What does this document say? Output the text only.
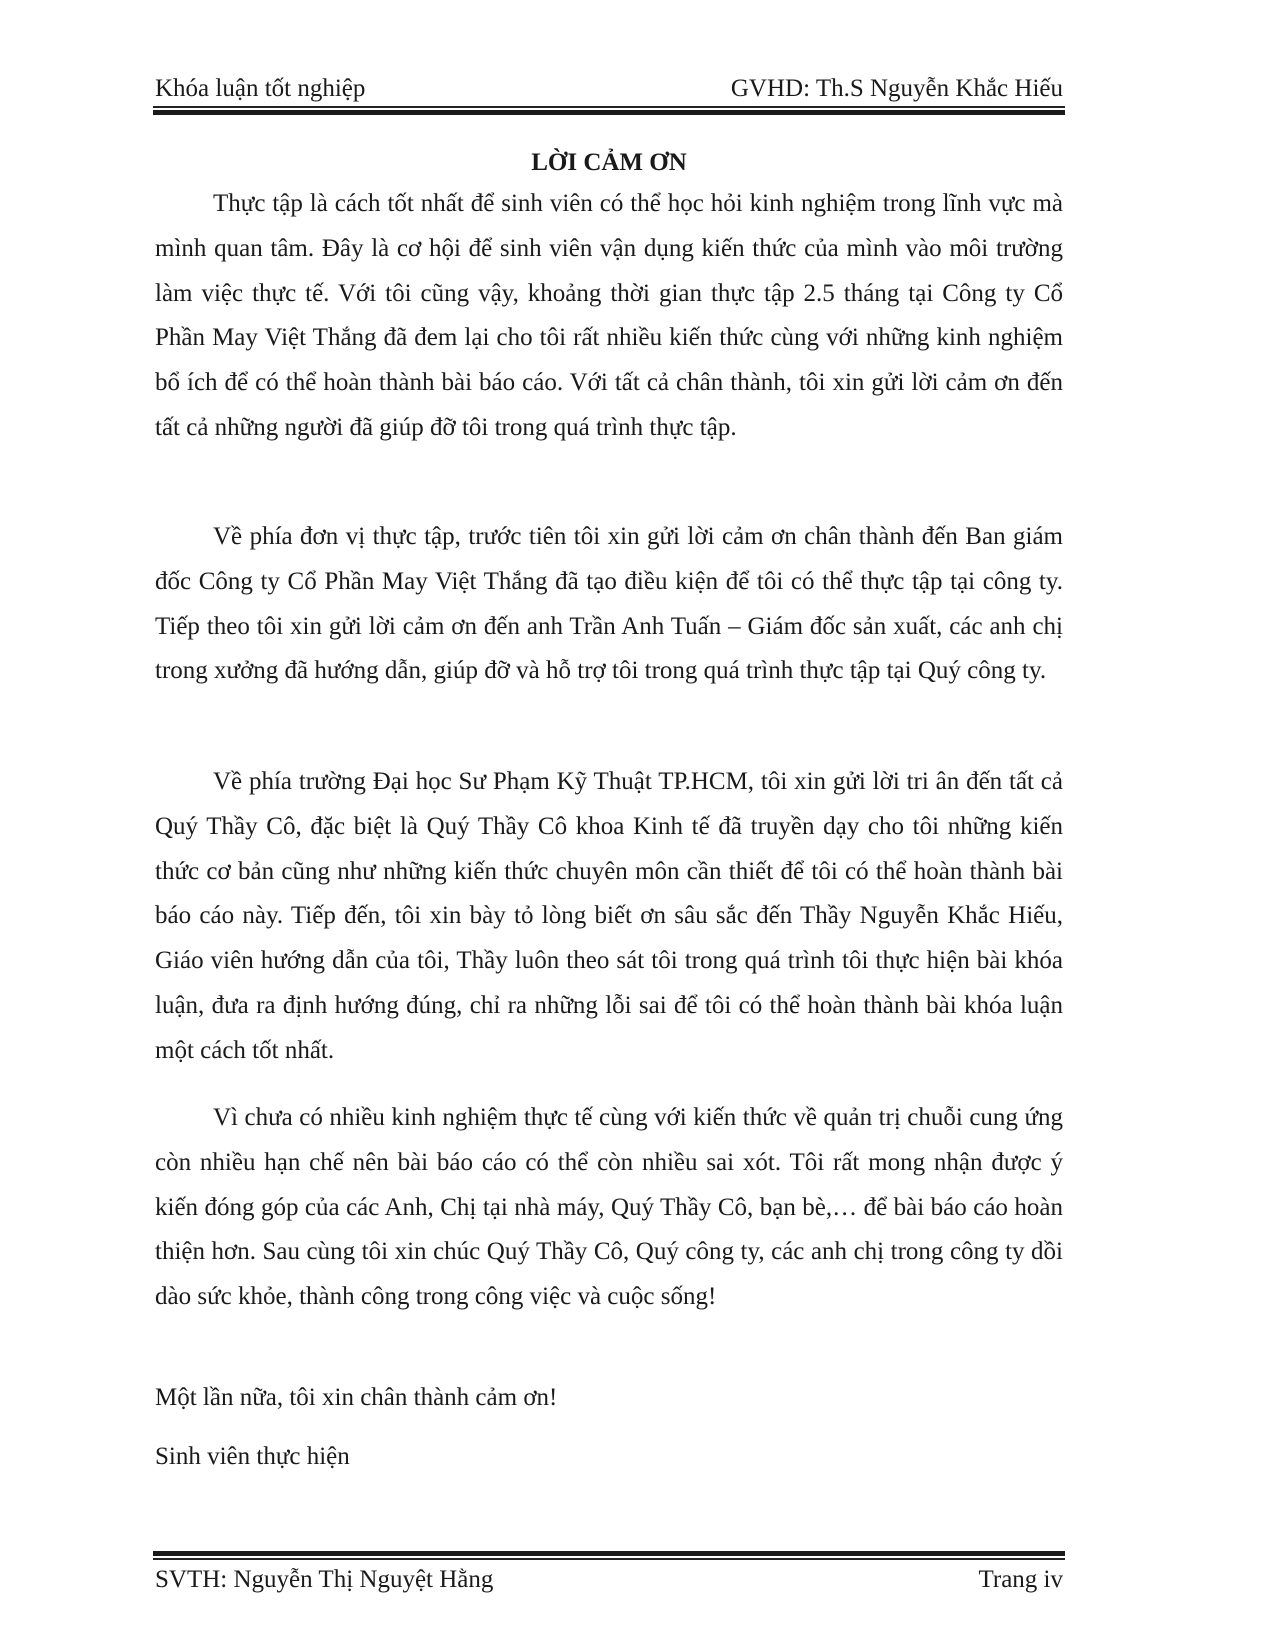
Khóa luận tốt nghiệp	GVHD: Th.S Nguyễn Khắc Hiếu
LỜI CẢM ƠN

Thực tập là cách tốt nhất để sinh viên có thể học hỏi kinh nghiệm trong lĩnh vực mà mình quan tâm. Đây là cơ hội để sinh viên vận dụng kiến thức của mình vào môi trường làm việc thực tế. Với tôi cũng vậy, khoảng thời gian thực tập 2.5 tháng tại Công ty Cổ Phần May Việt Thắng đã đem lại cho tôi rất nhiều kiến thức cùng với những kinh nghiệm bổ ích để có thể hoàn thành bài báo cáo. Với tất cả chân thành, tôi xin gửi lời cảm ơn đến tất cả những người đã giúp đỡ tôi trong quá trình thực tập.

Về phía đơn vị thực tập, trước tiên tôi xin gửi lời cảm ơn chân thành đến Ban giám đốc Công ty Cổ Phần May Việt Thắng đã tạo điều kiện để tôi có thể thực tập tại công ty. Tiếp theo tôi xin gửi lời cảm ơn đến anh Trần Anh Tuấn – Giám đốc sản xuất, các anh chị trong xưởng đã hướng dẫn, giúp đỡ và hỗ trợ tôi trong quá trình thực tập tại Quý công ty.

Về phía trường Đại học Sư Phạm Kỹ Thuật TP.HCM, tôi xin gửi lời tri ân đến tất cả Quý Thầy Cô, đặc biệt là Quý Thầy Cô khoa Kinh tế đã truyền dạy cho tôi những kiến thức cơ bản cũng như những kiến thức chuyên môn cần thiết để tôi có thể hoàn thành bài báo cáo này. Tiếp đến, tôi xin bày tỏ lòng biết ơn sâu sắc đến Thầy Nguyễn Khắc Hiếu, Giáo viên hướng dẫn của tôi, Thầy luôn theo sát tôi trong quá trình tôi thực hiện bài khóa luận, đưa ra định hướng đúng, chỉ ra những lỗi sai để tôi có thể hoàn thành bài khóa luận một cách tốt nhất.

Vì chưa có nhiều kinh nghiệm thực tế cùng với kiến thức về quản trị chuỗi cung ứng còn nhiều hạn chế nên bài báo cáo có thể còn nhiều sai xót. Tôi rất mong nhận được ý kiến đóng góp của các Anh, Chị tại nhà máy, Quý Thầy Cô, bạn bè,… để bài báo cáo hoàn thiện hơn. Sau cùng tôi xin chúc Quý Thầy Cô, Quý công ty, các anh chị trong công ty dồi dào sức khỏe, thành công trong công việc và cuộc sống!

Một lần nữa, tôi xin chân thành cảm ơn!

Sinh viên thực hiện

SVTH: Nguyễn Thị Nguyệt Hằng	Trang iv
